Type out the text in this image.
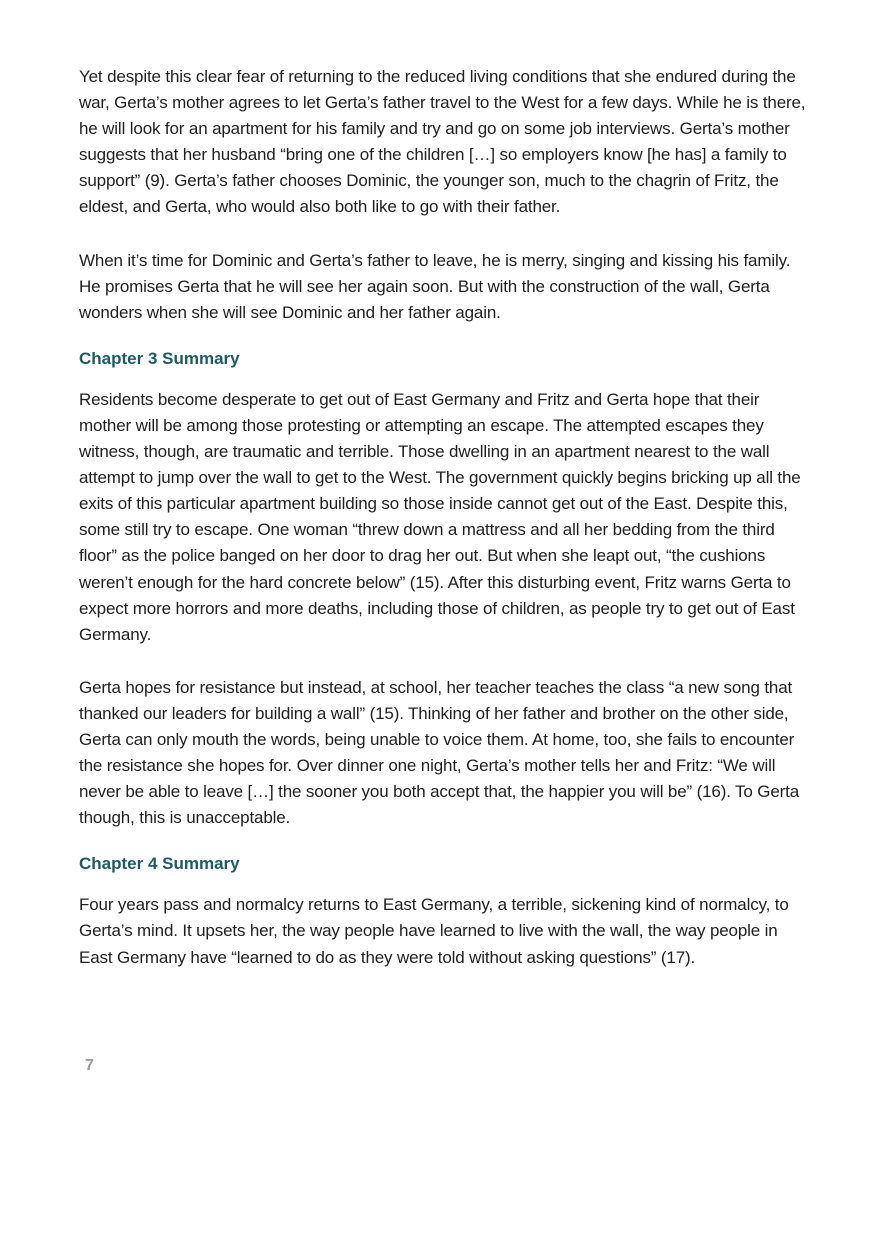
Yet despite this clear fear of returning to the reduced living conditions that she endured during the war, Gerta’s mother agrees to let Gerta’s father travel to the West for a few days. While he is there, he will look for an apartment for his family and try and go on some job interviews. Gerta’s mother suggests that her husband “bring one of the children […] so employers know [he has] a family to support” (9). Gerta’s father chooses Dominic, the younger son, much to the chagrin of Fritz, the eldest, and Gerta, who would also both like to go with their father.

When it’s time for Dominic and Gerta’s father to leave, he is merry, singing and kissing his family. He promises Gerta that he will see her again soon. But with the construction of the wall, Gerta wonders when she will see Dominic and her father again.

Chapter 3 Summary

Residents become desperate to get out of East Germany and Fritz and Gerta hope that their mother will be among those protesting or attempting an escape. The attempted escapes they witness, though, are traumatic and terrible. Those dwelling in an apartment nearest to the wall attempt to jump over the wall to get to the West. The government quickly begins bricking up all the exits of this particular apartment building so those inside cannot get out of the East. Despite this, some still try to escape. One woman “threw down a mattress and all her bedding from the third floor” as the police banged on her door to drag her out. But when she leapt out, “the cushions weren’t enough for the hard concrete below” (15). After this disturbing event, Fritz warns Gerta to expect more horrors and more deaths, including those of children, as people try to get out of East Germany.

Gerta hopes for resistance but instead, at school, her teacher teaches the class “a new song that thanked our leaders for building a wall” (15). Thinking of her father and brother on the other side, Gerta can only mouth the words, being unable to voice them. At home, too, she fails to encounter the resistance she hopes for. Over dinner one night, Gerta’s mother tells her and Fritz: “We will never be able to leave […] the sooner you both accept that, the happier you will be” (16). To Gerta though, this is unacceptable.

Chapter 4 Summary

Four years pass and normalcy returns to East Germany, a terrible, sickening kind of normalcy, to Gerta’s mind. It upsets her, the way people have learned to live with the wall, the way people in East Germany have “learned to do as they were told without asking questions” (17).

7
